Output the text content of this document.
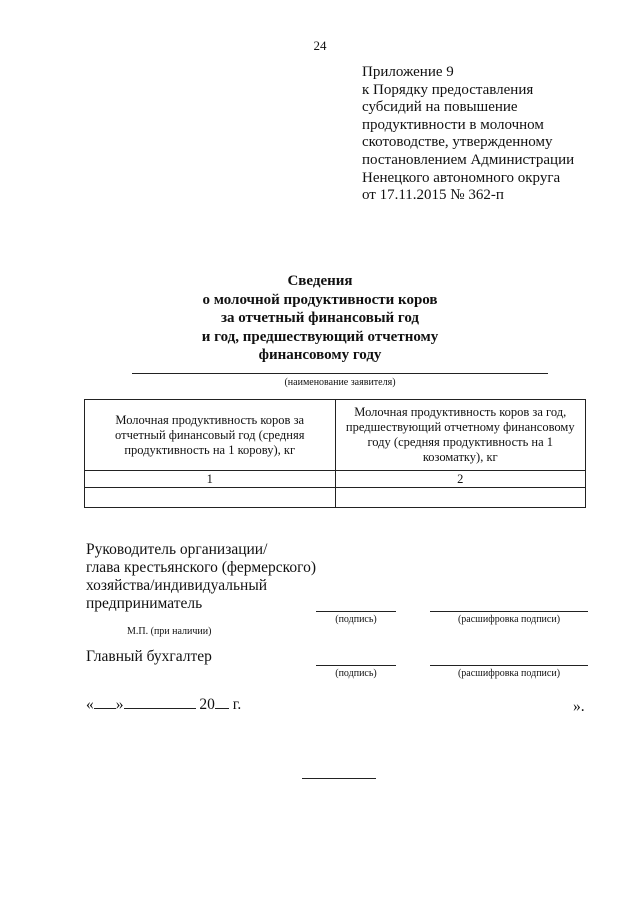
24
Приложение 9
к Порядку предоставления
субсидий на повышение
продуктивности в молочном
скотоводстве, утвержденному
постановлением Администрации
Ненецкого автономного округа
от 17.11.2015 № 362-п
Сведения
о молочной продуктивности коров
за отчетный финансовый год
и год, предшествующий отчетному
финансовому году
(наименование заявителя)
Молочная продуктивность коров за отчетный финансовый год (средняя продуктивность на 1 корову), кг	Молочная продуктивность коров за год, предшествующий отчетному финансовому году (средняя продуктивность на 1 козоматку), кг
1	2

Руководитель организации/
глава крестьянского (фермерского)
хозяйства/индивидуальный
предприниматель
(подпись)	(расшифровка подписи)
М.П. (при наличии)
Главный бухгалтер
(подпись)	(расшифровка подписи)
« »	20 г.	».
